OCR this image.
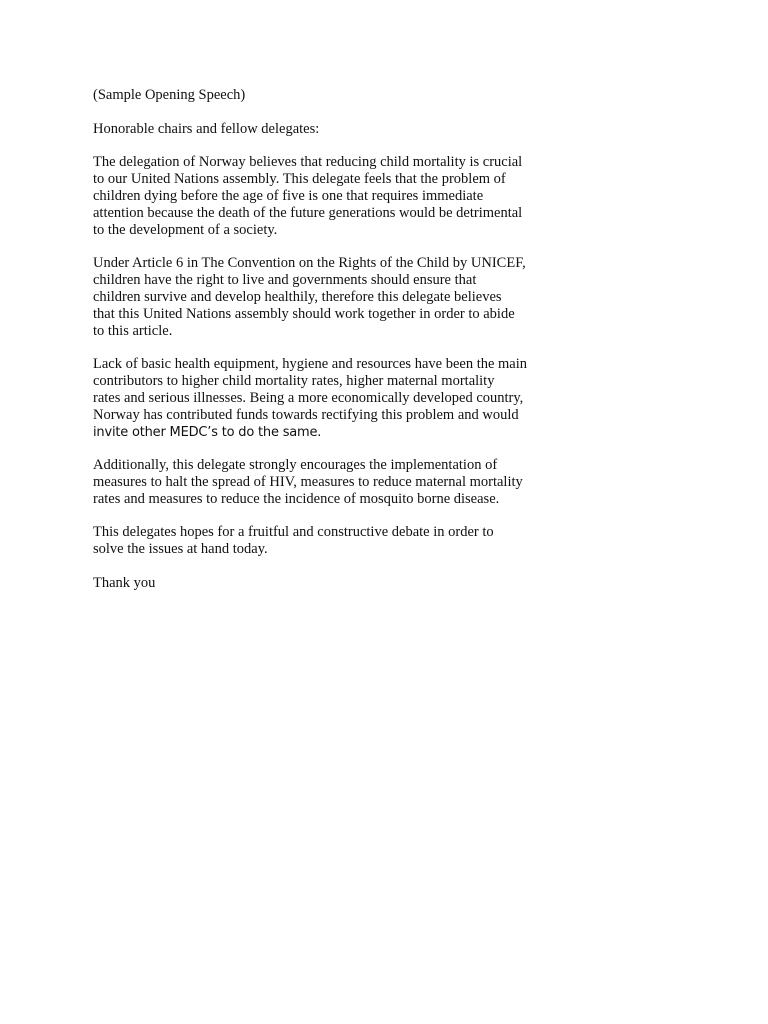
(Sample Opening Speech)

Honorable chairs and fellow delegates:

The delegation of Norway believes that reducing child mortality is crucial
to our United Nations assembly. This delegate feels that the problem of
children dying before the age of five is one that requires immediate
attention because the death of the future generations would be detrimental
to the development of a society.

Under Article 6 in The Convention on the Rights of the Child by UNICEF,
children have the right to live and governments should ensure that
children survive and develop healthily, therefore this delegate believes
that this United Nations assembly should work together in order to abide
to this article.

Lack of basic health equipment, hygiene and resources have been the main
contributors to higher child mortality rates, higher maternal mortality
rates and serious illnesses. Being a more economically developed country,
Norway has contributed funds towards rectifying this problem and would
invite other MEDC’s to do the same.

Additionally, this delegate strongly encourages the implementation of
measures to halt the spread of HIV, measures to reduce maternal mortality
rates and measures to reduce the incidence of mosquito borne disease.

This delegates hopes for a fruitful and constructive debate in order to
solve the issues at hand today.

Thank you
